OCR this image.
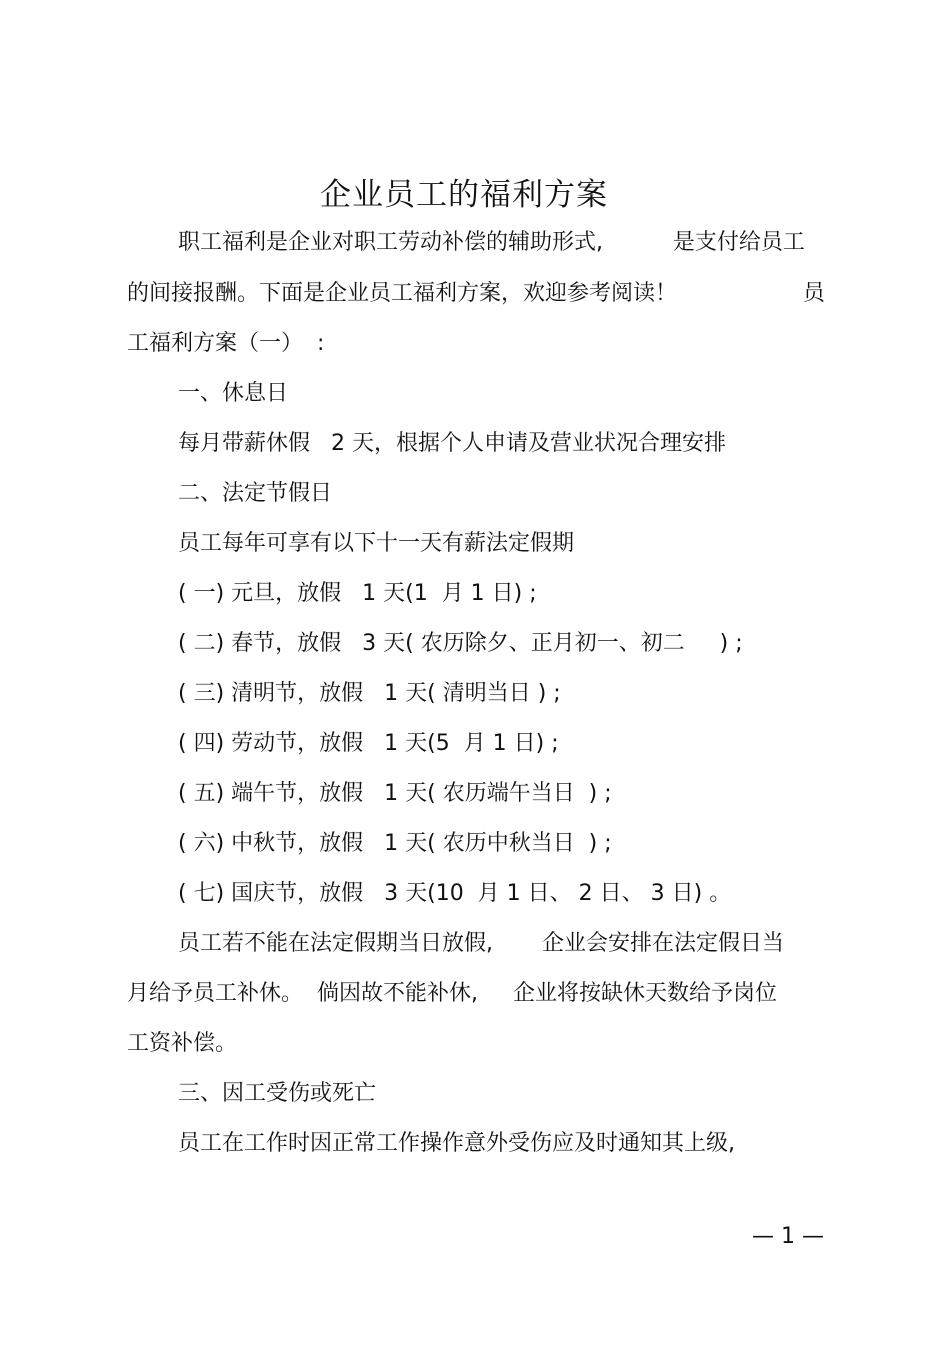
企业员工的福利方案
职工福利是企业对职工劳动补偿的辅助形式,          是支付给员工
的间接报酬。下面是企业员工福利方案，欢迎参考阅读！                  员
工福利方案（一）  :
一、休息日
每月带薪休假   2 天，根据个人申请及营业状况合理安排
二、法定节假日
员工每年可享有以下十一天有薪法定假期
( 一) 元旦，放假   1 天(1  月 1 日) ;
( 二) 春节，放假   3 天( 农历除夕、正月初一、初二     ) ;
( 三) 清明节，放假   1 天( 清明当日 ) ;
( 四) 劳动节，放假   1 天(5  月 1 日) ;
( 五) 端午节，放假   1 天( 农历端午当日  ) ;
( 六) 中秋节，放假   1 天( 农历中秋当日  ) ;
( 七) 国庆节，放假   3 天(10  月 1 日、 2 日、 3 日) 。
员工若不能在法定假期当日放假,       企业会安排在法定假日当
月给予员工补休。  倘因故不能补休,     企业将按缺休天数给予岗位
工资补偿。
三、因工受伤或死亡
员工在工作时因正常工作操作意外受伤应及时通知其上级,
— 1 —
